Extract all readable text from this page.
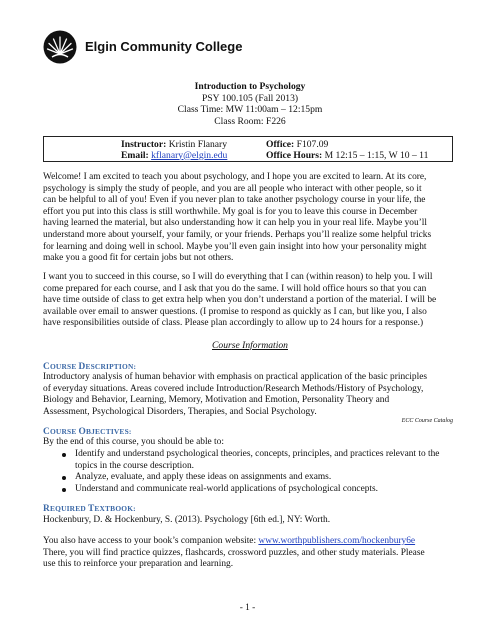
Elgin Community College
Introduction to Psychology
PSY 100.105 (Fall 2013)
Class Time: MW 11:00am – 12:15pm
Class Room: F226
Instructor: Kristin Flanary
Email: kflanary@elgin.edu
Office: F107.09
Office Hours: M 12:15 – 1:15, W 10 – 11
Welcome! I am excited to teach you about psychology, and I hope you are excited to learn. At its core,
psychology is simply the study of people, and you are all people who interact with other people, so it
can be helpful to all of you! Even if you never plan to take another psychology course in your life, the
effort you put into this class is still worthwhile. My goal is for you to leave this course in December
having learned the material, but also understanding how it can help you in your real life. Maybe you’ll
understand more about yourself, your family, or your friends. Perhaps you’ll realize some helpful tricks
for learning and doing well in school. Maybe you’ll even gain insight into how your personality might
make you a good fit for certain jobs but not others.
I want you to succeed in this course, so I will do everything that I can (within reason) to help you. I will
come prepared for each course, and I ask that you do the same. I will hold office hours so that you can
have time outside of class to get extra help when you don’t understand a portion of the material. I will be
available over email to answer questions. (I promise to respond as quickly as I can, but like you, I also
have responsibilities outside of class. Please plan accordingly to allow up to 24 hours for a response.)
Course Information
COURSE DESCRIPTION:
Introductory analysis of human behavior with emphasis on practical application of the basic principles
of everyday situations. Areas covered include Introduction/Research Methods/History of Psychology,
Biology and Behavior, Learning, Memory, Motivation and Emotion, Personality Theory and
Assessment, Psychological Disorders, Therapies, and Social Psychology.
ECC Course Catalog
COURSE OBJECTIVES:
By the end of this course, you should be able to:
Identify and understand psychological theories, concepts, principles, and practices relevant to the
topics in the course description.
Analyze, evaluate, and apply these ideas on assignments and exams.
Understand and communicate real-world applications of psychological concepts.
REQUIRED TEXTBOOK:
Hockenbury, D. & Hockenbury, S. (2013). Psychology [6th ed.], NY: Worth.
You also have access to your book’s companion website: www.worthpublishers.com/hockenbury6e
There, you will find practice quizzes, flashcards, crossword puzzles, and other study materials. Please
use this to reinforce your preparation and learning.
- 1 -
